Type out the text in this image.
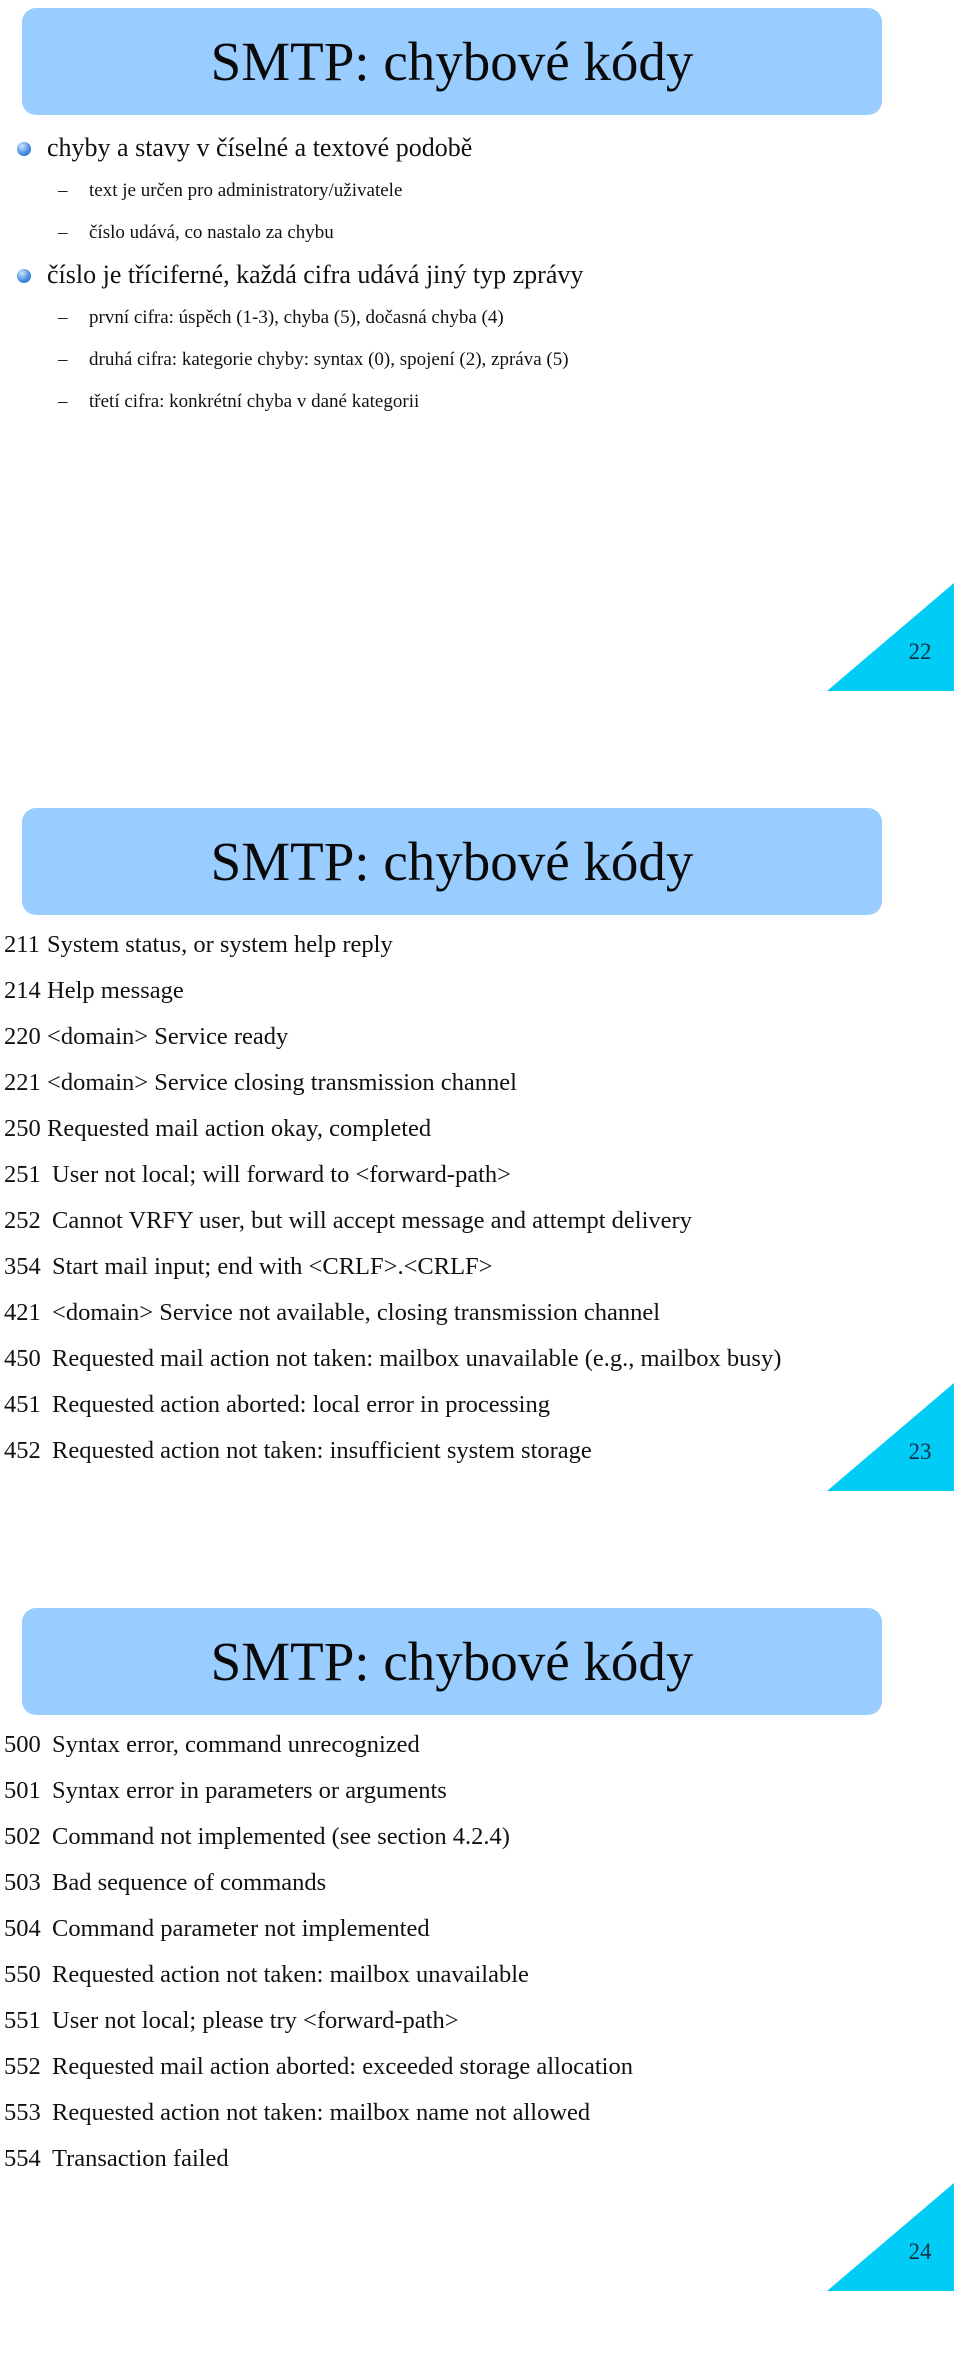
SMTP: chybové kódy
chyby a stavy v číselné a textové podobě
– text je určen pro administratory/uživatele
– číslo udává, co nastalo za chybu
číslo je tříciferné, každá cifra udává jiný typ zprávy
– první cifra: úspěch (1-3), chyba (5), dočasná chyba (4)
– druhá cifra: kategorie chyby: syntax (0), spojení (2), zpráva (5)
– třetí cifra: konkrétní chyba v dané kategorii
22
SMTP: chybové kódy
23
211 System status, or system help reply
214 Help message
220 <domain> Service ready
221 <domain> Service closing transmission channel
250 Requested mail action okay, completed
251 User not local; will forward to <forward-path>
252 Cannot VRFY user, but will accept message and attempt delivery
354 Start mail input; end with <CRLF>.<CRLF>
421 <domain> Service not available, closing transmission channel
450 Requested mail action not taken: mailbox unavailable (e.g., mailbox busy)
451 Requested action aborted: local error in processing
452 Requested action not taken: insufficient system storage
SMTP: chybové kódy
24
500 Syntax error, command unrecognized
501 Syntax error in parameters or arguments
502 Command not implemented (see section 4.2.4)
503 Bad sequence of commands
504 Command parameter not implemented
550 Requested action not taken: mailbox unavailable
551 User not local; please try <forward-path>
552 Requested mail action aborted: exceeded storage allocation
553 Requested action not taken: mailbox name not allowed
554 Transaction failed
